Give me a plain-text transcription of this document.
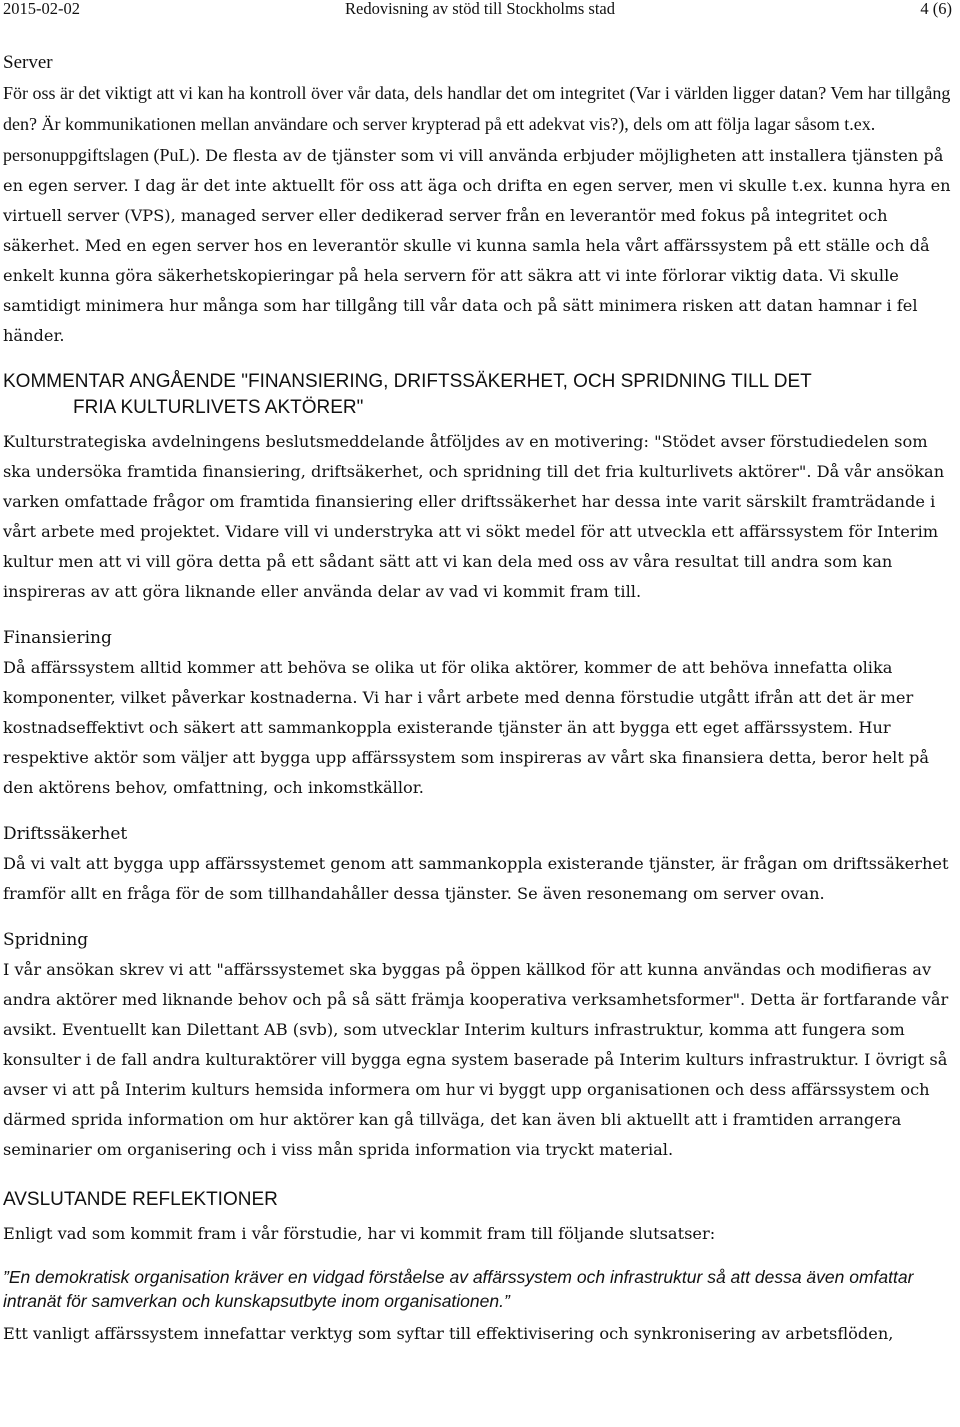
2015-02-02	Redovisning av stöd till Stockholms stad	4 (6)
Server

För oss är det viktigt att vi kan ha kontroll över vår data, dels handlar det om integritet (Var i världen ligger datan? Vem har tillgång den? Är kommunikationen mellan användare och server krypterad på ett adekvat vis?), dels om att följa lagar såsom t.ex. personuppgiftslagen (PuL). De flesta av de tjänster som vi vill använda erbjuder möjligheten att installera tjänsten på en egen server. I dag är det inte aktuellt för oss att äga och drifta en egen server, men vi skulle t.ex. kunna hyra en virtuell server (VPS), managed server eller dedikerad server från en leverantör med fokus på integritet och säkerhet. Med en egen server hos en leverantör skulle vi kunna samla hela vårt affärssystem på ett ställe och då enkelt kunna göra säkerhetskopieringar på hela servern för att säkra att vi inte förlorar viktig data. Vi skulle samtidigt minimera hur många som har tillgång till vår data och på sätt minimera risken att datan hamnar i fel händer.

KOMMENTAR ANGÅENDE "FINANSIERING, DRIFTSSÄKERHET, OCH SPRIDNING TILL DET
FRIA KULTURLIVETS AKTÖRER"

Kulturstrategiska avdelningens beslutsmeddelande åtföljdes av en motivering: "Stödet avser förstudiedelen som ska undersöka framtida finansiering, driftsäkerhet, och spridning till det fria kulturlivets aktörer". Då vår ansökan varken omfattade frågor om framtida finansiering eller driftssäkerhet har dessa inte varit särskilt framträdande i vårt arbete med projektet. Vidare vill vi understryka att vi sökt medel för att utveckla ett affärssystem för Interim kultur men att vi vill göra detta på ett sådant sätt att vi kan dela med oss av våra resultat till andra som kan inspireras av att göra liknande eller använda delar av vad vi kommit fram till.

Finansiering

Då affärssystem alltid kommer att behöva se olika ut för olika aktörer, kommer de att behöva innefatta olika komponenter, vilket påverkar kostnaderna. Vi har i vårt arbete med denna förstudie utgått ifrån att det är mer kostnadseffektivt och säkert att sammankoppla existerande tjänster än att bygga ett eget affärssystem. Hur respektive aktör som väljer att bygga upp affärssystem som inspireras av vårt ska finansiera detta, beror helt på den aktörens behov, omfattning, och inkomstkällor.

Driftssäkerhet

Då vi valt att bygga upp affärssystemet genom att sammankoppla existerande tjänster, är frågan om driftssäkerhet framför allt en fråga för de som tillhandahåller dessa tjänster. Se även resonemang om server ovan.

Spridning

I vår ansökan skrev vi att "affärssystemet ska byggas på öppen källkod för att kunna användas och modifieras av andra aktörer med liknande behov och på så sätt främja kooperativa verksamhetsformer". Detta är fortfarande vår avsikt. Eventuellt kan Dilettant AB (svb), som utvecklar Interim kulturs infrastruktur, komma att fungera som konsulter i de fall andra kulturaktörer vill bygga egna system baserade på Interim kulturs infrastruktur. I övrigt så avser vi att på Interim kulturs hemsida informera om hur vi byggt upp organisationen och dess affärssystem och därmed sprida information om hur aktörer kan gå tillväga, det kan även bli aktuellt att i framtiden arrangera seminarier om organisering och i viss mån sprida information via tryckt material.

AVSLUTANDE REFLEKTIONER

Enligt vad som kommit fram i vår förstudie, har vi kommit fram till följande slutsatser:

”En demokratisk organisation kräver en vidgad förståelse av affärssystem och infrastruktur så att dessa även omfattar intranät för samverkan och kunskapsutbyte inom organisationen.”

Ett vanligt affärssystem innefattar verktyg som syftar till effektivisering och synkronisering av arbetsflöden,
